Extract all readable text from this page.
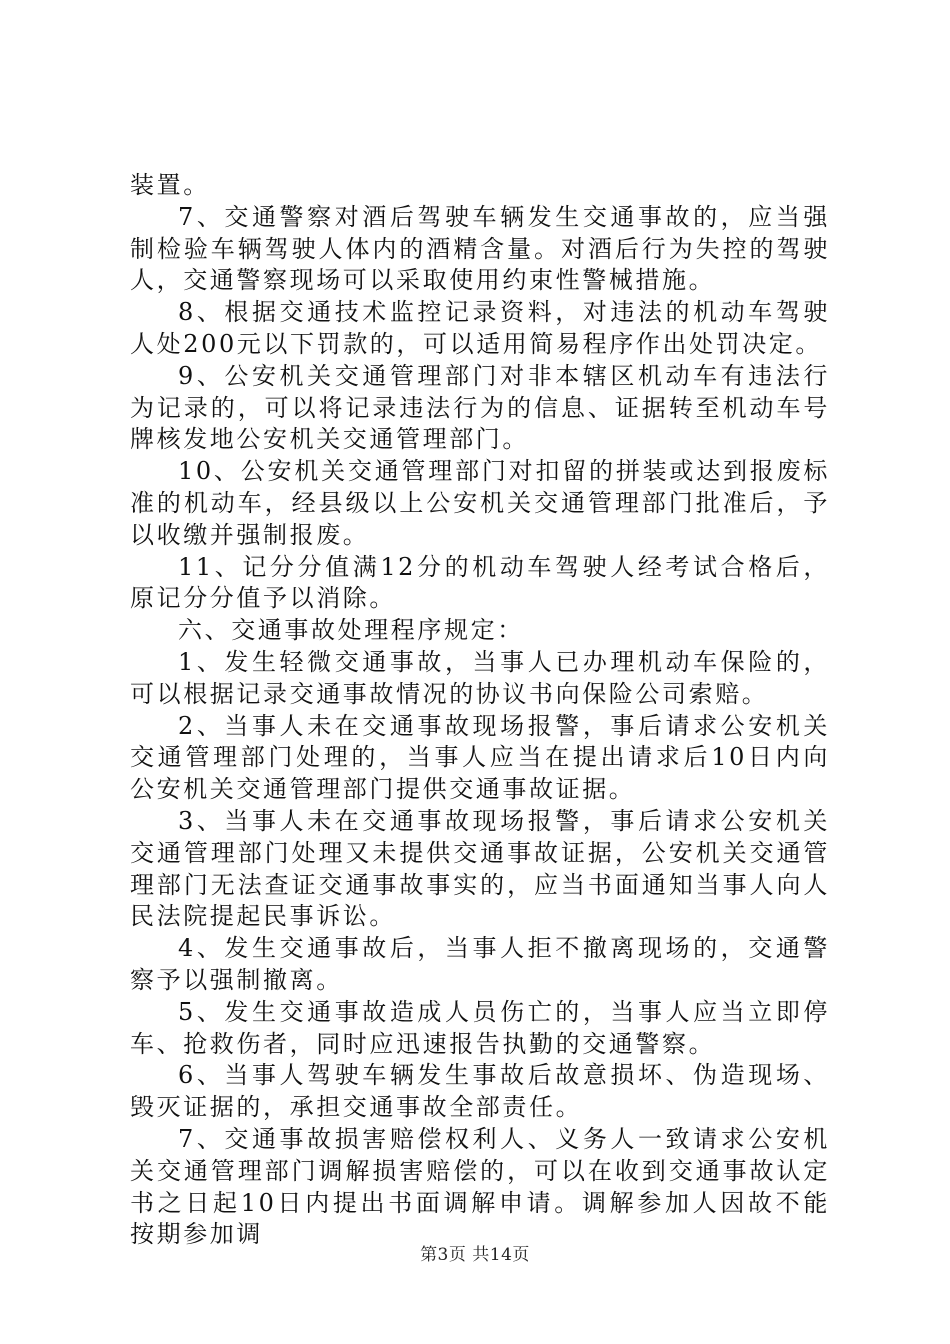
装置。

7、交通警察对酒后驾驶车辆发生交通事故的，应当强制检验车辆驾驶人体内的酒精含量。对酒后行为失控的驾驶人，交通警察现场可以采取使用约束性警械措施。

8、根据交通技术监控记录资料，对违法的机动车驾驶人处200元以下罚款的，可以适用简易程序作出处罚决定。

9、公安机关交通管理部门对非本辖区机动车有违法行为记录的，可以将记录违法行为的信息、证据转至机动车号牌核发地公安机关交通管理部门。

10、公安机关交通管理部门对扣留的拼装或达到报废标准的机动车，经县级以上公安机关交通管理部门批准后，予以收缴并强制报废。

11、记分分值满12分的机动车驾驶人经考试合格后，原记分分值予以消除。

六、交通事故处理程序规定：

1、发生轻微交通事故，当事人已办理机动车保险的，可以根据记录交通事故情况的协议书向保险公司索赔。

2、当事人未在交通事故现场报警，事后请求公安机关交通管理部门处理的，当事人应当在提出请求后10日内向公安机关交通管理部门提供交通事故证据。

3、当事人未在交通事故现场报警，事后请求公安机关交通管理部门处理又未提供交通事故证据，公安机关交通管理部门无法查证交通事故事实的，应当书面通知当事人向人民法院提起民事诉讼。

4、发生交通事故后，当事人拒不撤离现场的，交通警察予以强制撤离。

5、发生交通事故造成人员伤亡的，当事人应当立即停车、抢救伤者，同时应迅速报告执勤的交通警察。

6、当事人驾驶车辆发生事故后故意损坏、伪造现场、毁灭证据的，承担交通事故全部责任。

7、交通事故损害赔偿权利人、义务人一致请求公安机关交通管理部门调解损害赔偿的，可以在收到交通事故认定书之日起10日内提出书面调解申请。调解参加人因故不能按期参加调

第3页 共14页
